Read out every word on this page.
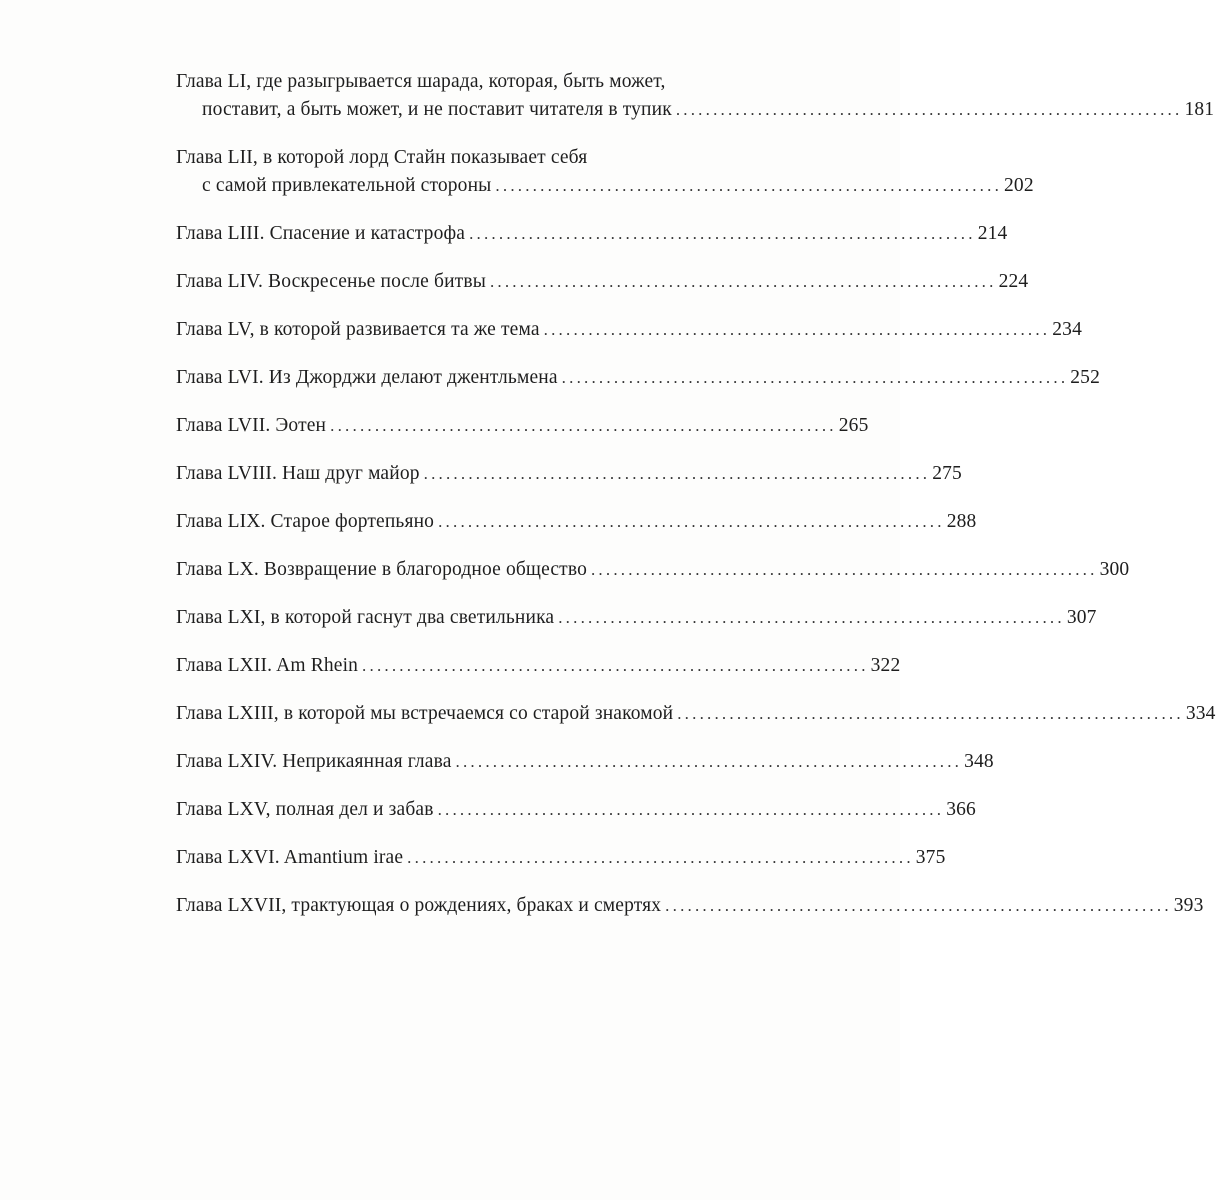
Глава LI, где разыгрывается шарада, которая, быть может,
поставит, а быть может, и не поставит читателя в тупик .................................................................... 181
Глава LII, в которой лорд Стайн показывает себя
с самой привлекательной стороны .................................................................... 202
Глава LIII. Спасение и катастрофа .................................................................... 214
Глава LIV. Воскресенье после битвы .................................................................... 224
Глава LV, в которой развивается та же тема .................................................................... 234
Глава LVI. Из Джорджи делают джентльмена .................................................................... 252
Глава LVII. Эотен .................................................................... 265
Глава LVIII. Наш друг майор .................................................................... 275
Глава LIX. Старое фортепьяно .................................................................... 288
Глава LX. Возвращение в благородное общество .................................................................... 300
Глава LXI, в которой гаснут два светильника .................................................................... 307
Глава LXII. Am Rhein .................................................................... 322
Глава LXIII, в которой мы встречаемся со старой знакомой .................................................................... 334
Глава LXIV. Неприкаянная глава .................................................................... 348
Глава LXV, полная дел и забав .................................................................... 366
Глава LXVI. Amantium irae .................................................................... 375
Глава LXVII, трактующая о рождениях, браках и смертях .................................................................... 393
